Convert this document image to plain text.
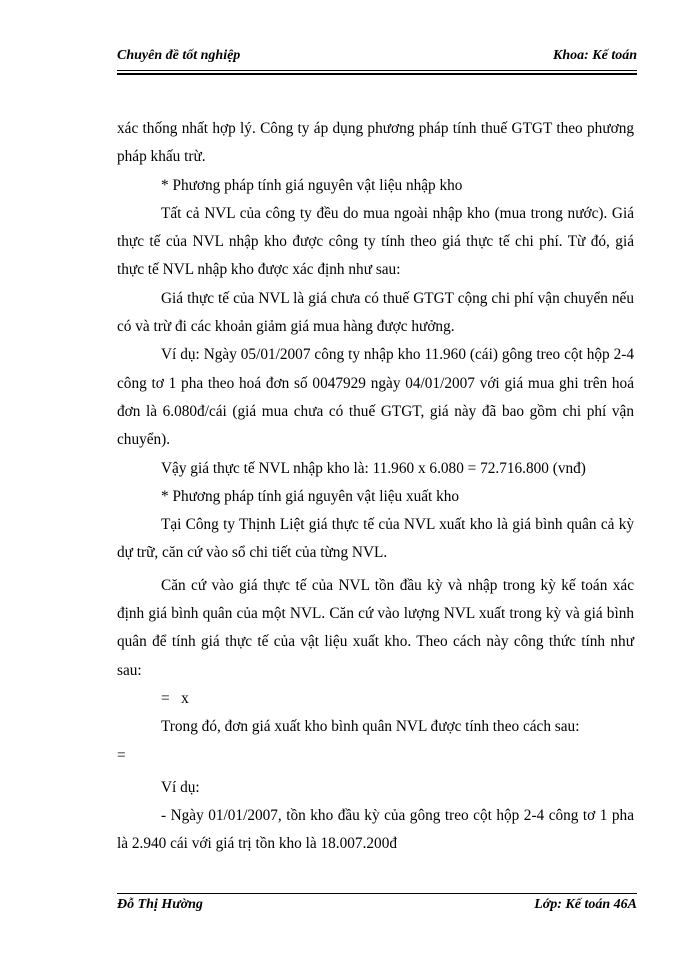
Chuyên đề tốt nghiệp	Khoa: Kế toán

xác thống nhất hợp lý. Công ty áp dụng phương pháp tính thuế GTGT theo phương pháp khấu trừ.

* Phương pháp tính giá nguyên vật liệu nhập kho

Tất cả NVL của công ty đều do mua ngoài nhập kho (mua trong nước). Giá thực tế của NVL nhập kho được công ty tính theo giá thực tế chi phí. Từ đó, giá thực tế NVL nhập kho được xác định như sau:

Giá thực tế của NVL là giá chưa có thuế GTGT cộng chi phí vận chuyển nếu có và trừ đi các khoản giảm giá mua hàng được hưởng.

Ví dụ: Ngày 05/01/2007 công ty nhập kho 11.960 (cái) gông treo cột hộp 2-4 công tơ 1 pha theo hoá đơn số 0047929 ngày 04/01/2007 với giá mua ghi trên hoá đơn là 6.080đ/cái (giá mua chưa có thuế GTGT, giá này đã bao gồm chi phí vận chuyển).

Vậy giá thực tế NVL nhập kho là: 11.960 x 6.080 = 72.716.800 (vnđ)

* Phương pháp tính giá nguyên vật liệu xuất kho

Tại Công ty Thịnh Liệt giá thực tế của NVL xuất kho là giá bình quân cả kỳ dự trữ, căn cứ vào sổ chi tiết của từng NVL.

Căn cứ vào giá thực tế của NVL tồn đầu kỳ và nhập trong kỳ kế toán xác định giá bình quân của một NVL. Căn cứ vào lượng NVL xuất trong kỳ và giá bình quân để tính giá thực tế của vật liệu xuất kho. Theo cách này công thức tính như sau:

=   x

Trong đó, đơn giá xuất kho bình quân NVL được tính theo cách sau:

=

Ví dụ:

- Ngày 01/01/2007, tồn kho đầu kỳ của gông treo cột hộp 2-4 công tơ 1 pha là 2.940 cái với giá trị tồn kho là 18.007.200đ

Đỗ Thị Hường	Lớp: Kế toán 46A
